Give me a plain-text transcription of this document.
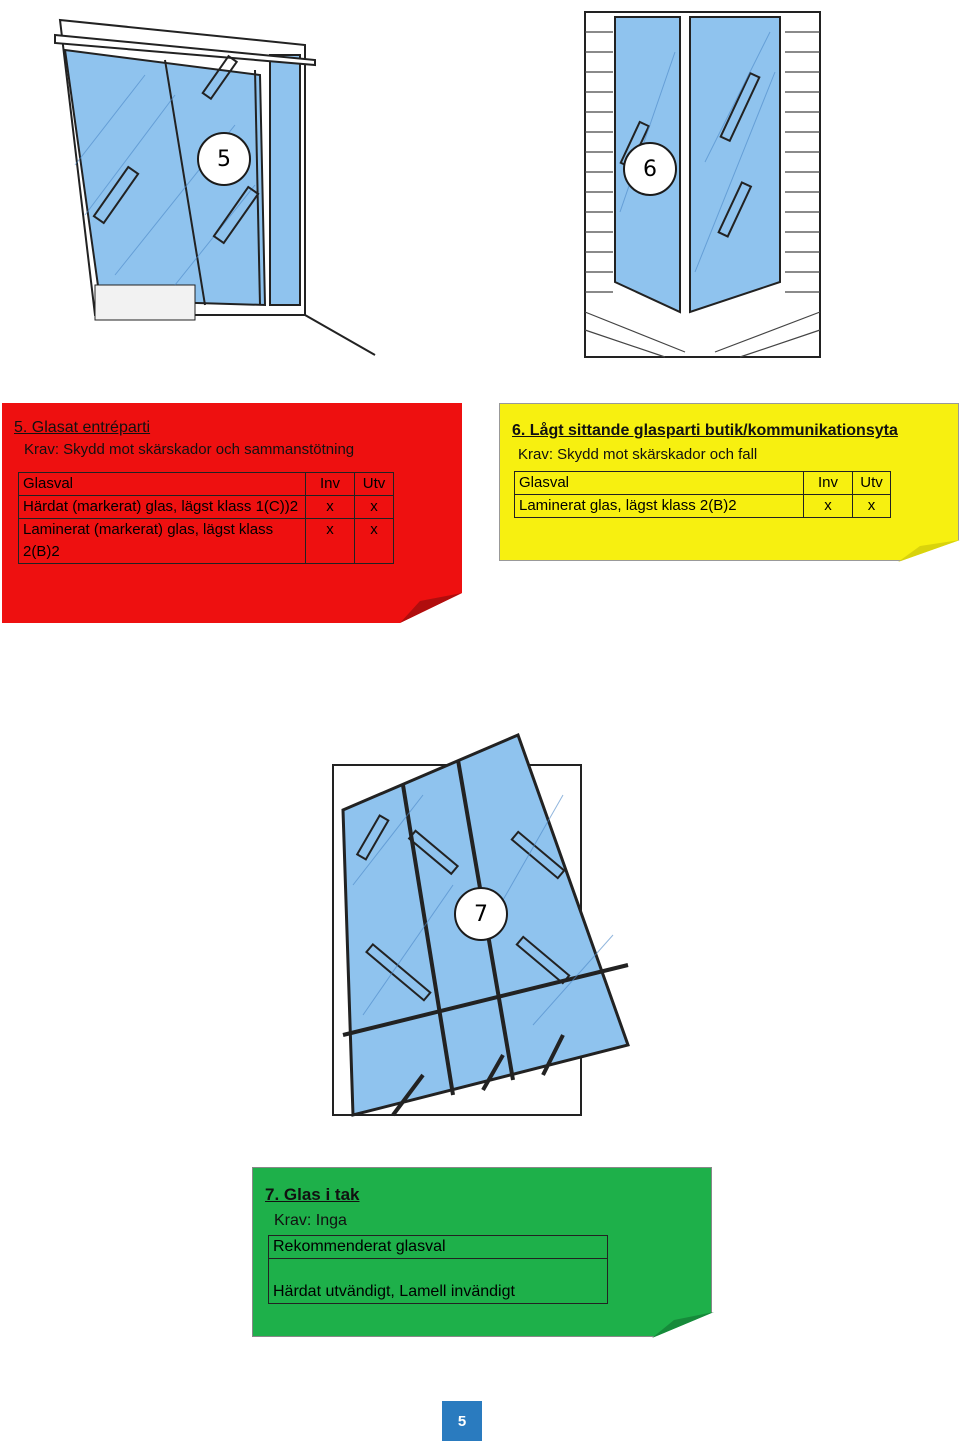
5	6
7
5. Glasat entréparti
Krav: Skydd mot skärskador och sammanstötning
Glasval	Inv	Utv
Härdat (markerat) glas, lägst klass 1(C))2	x	x
Laminerat (markerat) glas, lägst klass 2(B)2	x	x
6. Lågt sittande glasparti butik/kommunikationsyta
Krav: Skydd mot skärskador och fall
Glasval	Inv	Utv
Laminerat glas, lägst klass 2(B)2	x	x
7. Glas i tak
Krav: Inga
Rekommenderat glasval
Härdat utvändigt, Lamell invändigt
5
